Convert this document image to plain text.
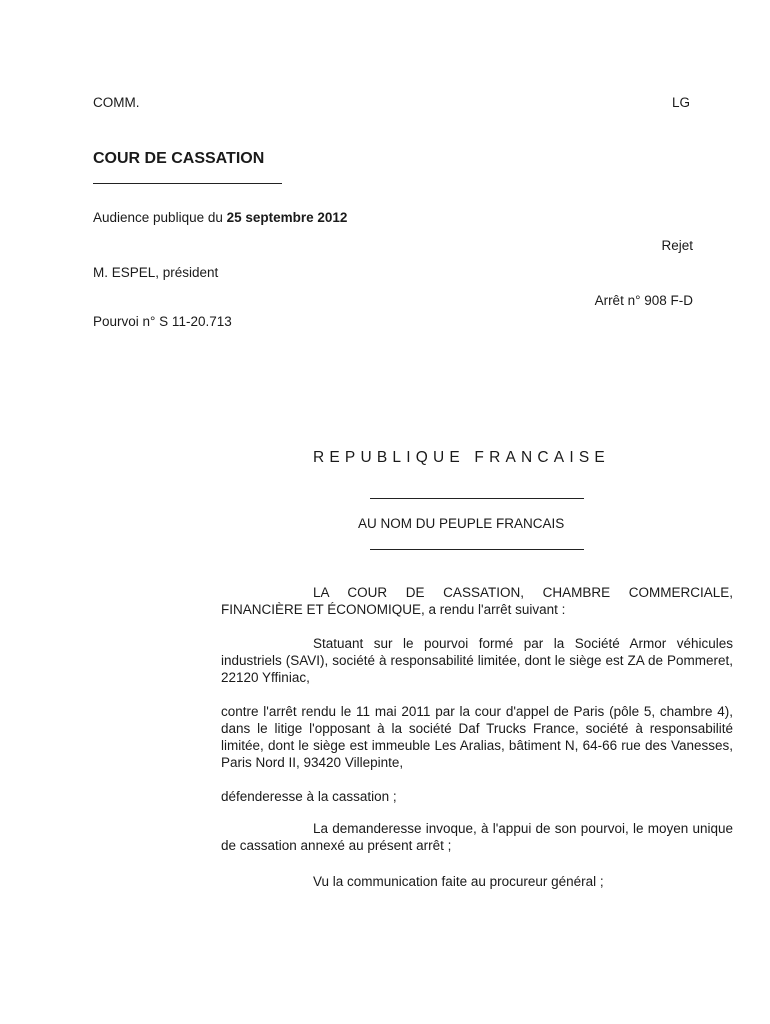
COMM.	LG
COUR DE CASSATION
Audience publique du 25 septembre 2012
Rejet
M. ESPEL, président
Arrêt n° 908 F-D
Pourvoi n° S 11-20.713
REPUBLIQUE FRANCAISE
AU NOM DU PEUPLE FRANCAIS
LA COUR DE CASSATION, CHAMBRE COMMERCIALE, FINANCIÈRE ET ÉCONOMIQUE, a rendu l'arrêt suivant :
Statuant sur le pourvoi formé par la Société Armor véhicules industriels (SAVI), société à responsabilité limitée, dont le siège est ZA de Pommeret, 22120 Yffiniac,
contre l'arrêt rendu le 11 mai 2011 par la cour d'appel de Paris (pôle 5, chambre 4), dans le litige l'opposant à la société Daf Trucks France, société à responsabilité limitée, dont le siège est immeuble Les Aralias, bâtiment N, 64-66 rue des Vanesses, Paris Nord II, 93420 Villepinte,
défenderesse à la cassation ;
La demanderesse invoque, à l'appui de son pourvoi, le moyen unique de cassation annexé au présent arrêt ;
Vu la communication faite au procureur général ;
